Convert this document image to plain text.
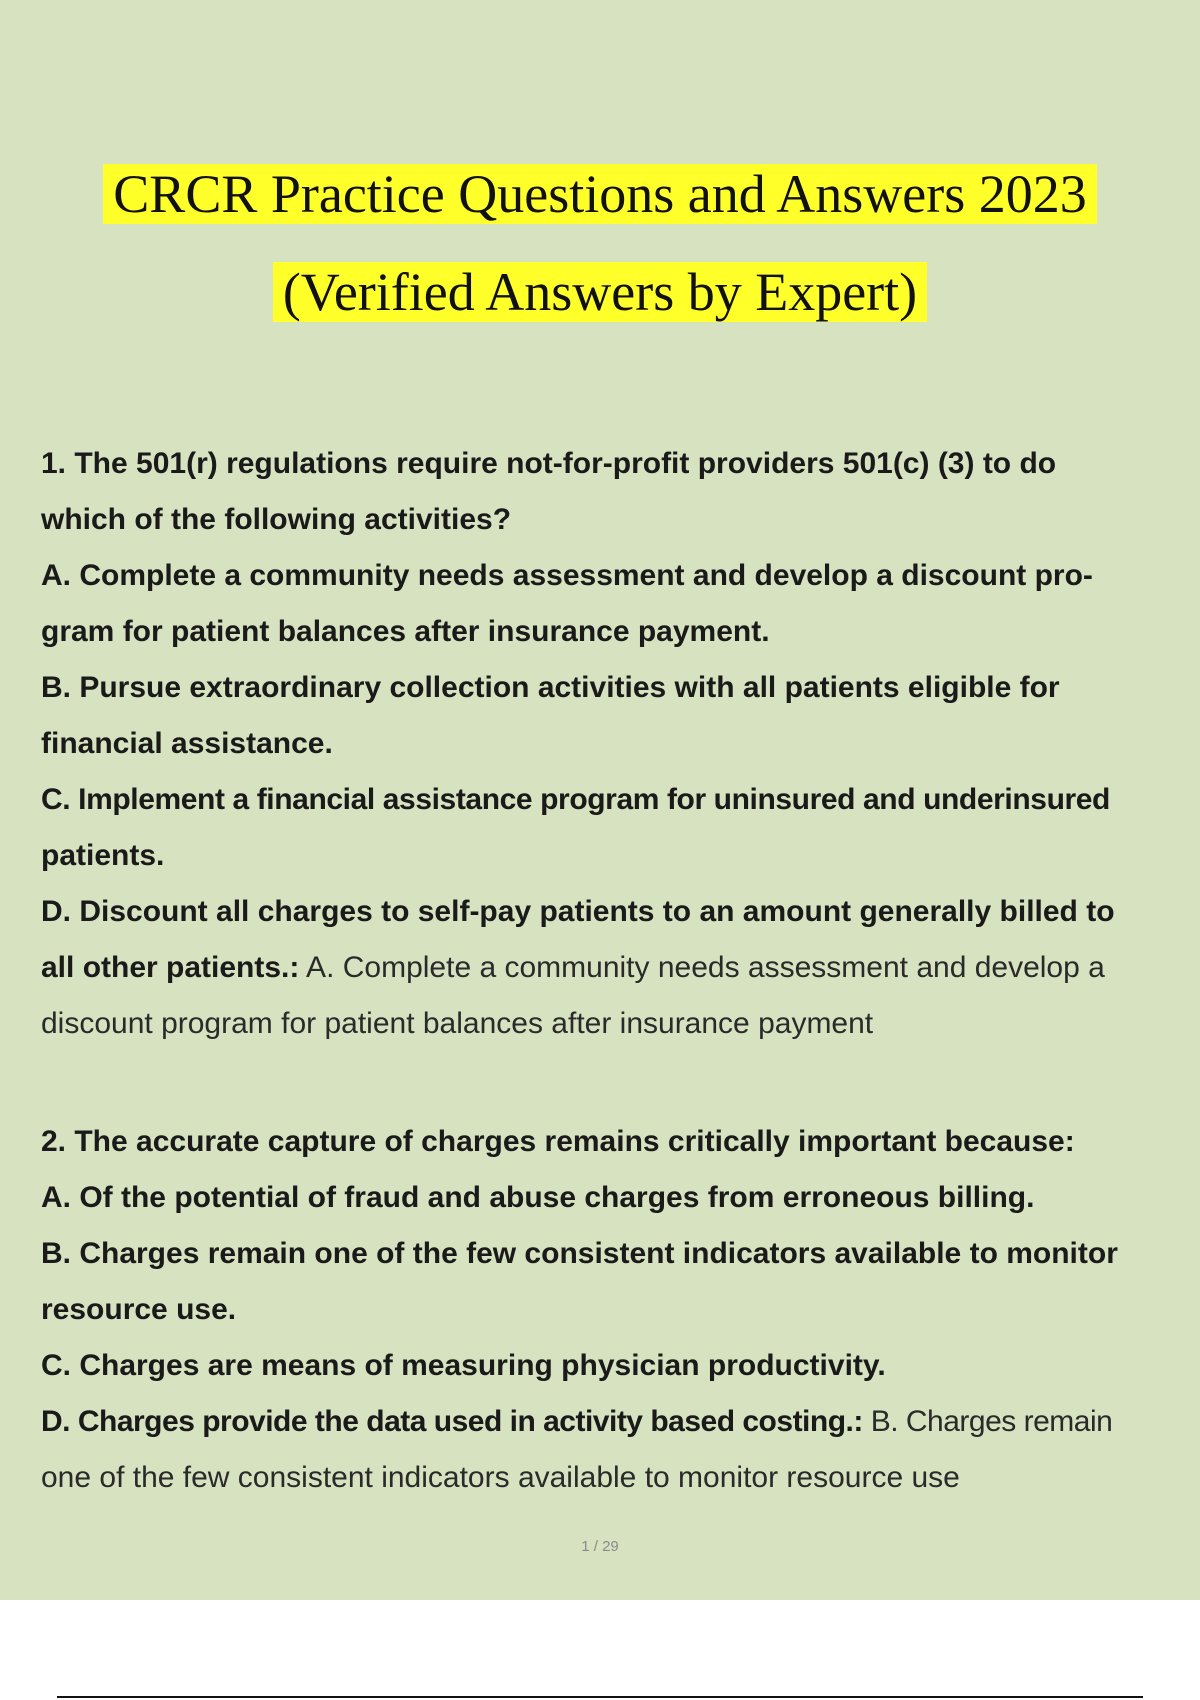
CRCR Practice Questions and Answers 2023
(Verified Answers by Expert)
1. The 501(r) regulations require not-for-profit providers 501(c) (3) to do
which of the following activities?
A. Complete a community needs assessment and develop a discount pro-
gram for patient balances after insurance payment.
B. Pursue extraordinary collection activities with all patients eligible for
financial assistance.
C. Implement a financial assistance program for uninsured and underinsured
patients.
D. Discount all charges to self-pay patients to an amount generally billed to
all other patients.: A. Complete a community needs assessment and develop a
discount program for patient balances after insurance payment
2. The accurate capture of charges remains critically important because:
A. Of the potential of fraud and abuse charges from erroneous billing.
B. Charges remain one of the few consistent indicators available to monitor
resource use.
C. Charges are means of measuring physician productivity.
D. Charges provide the data used in activity based costing.: B. Charges remain
one of the few consistent indicators available to monitor resource use
1 / 29
